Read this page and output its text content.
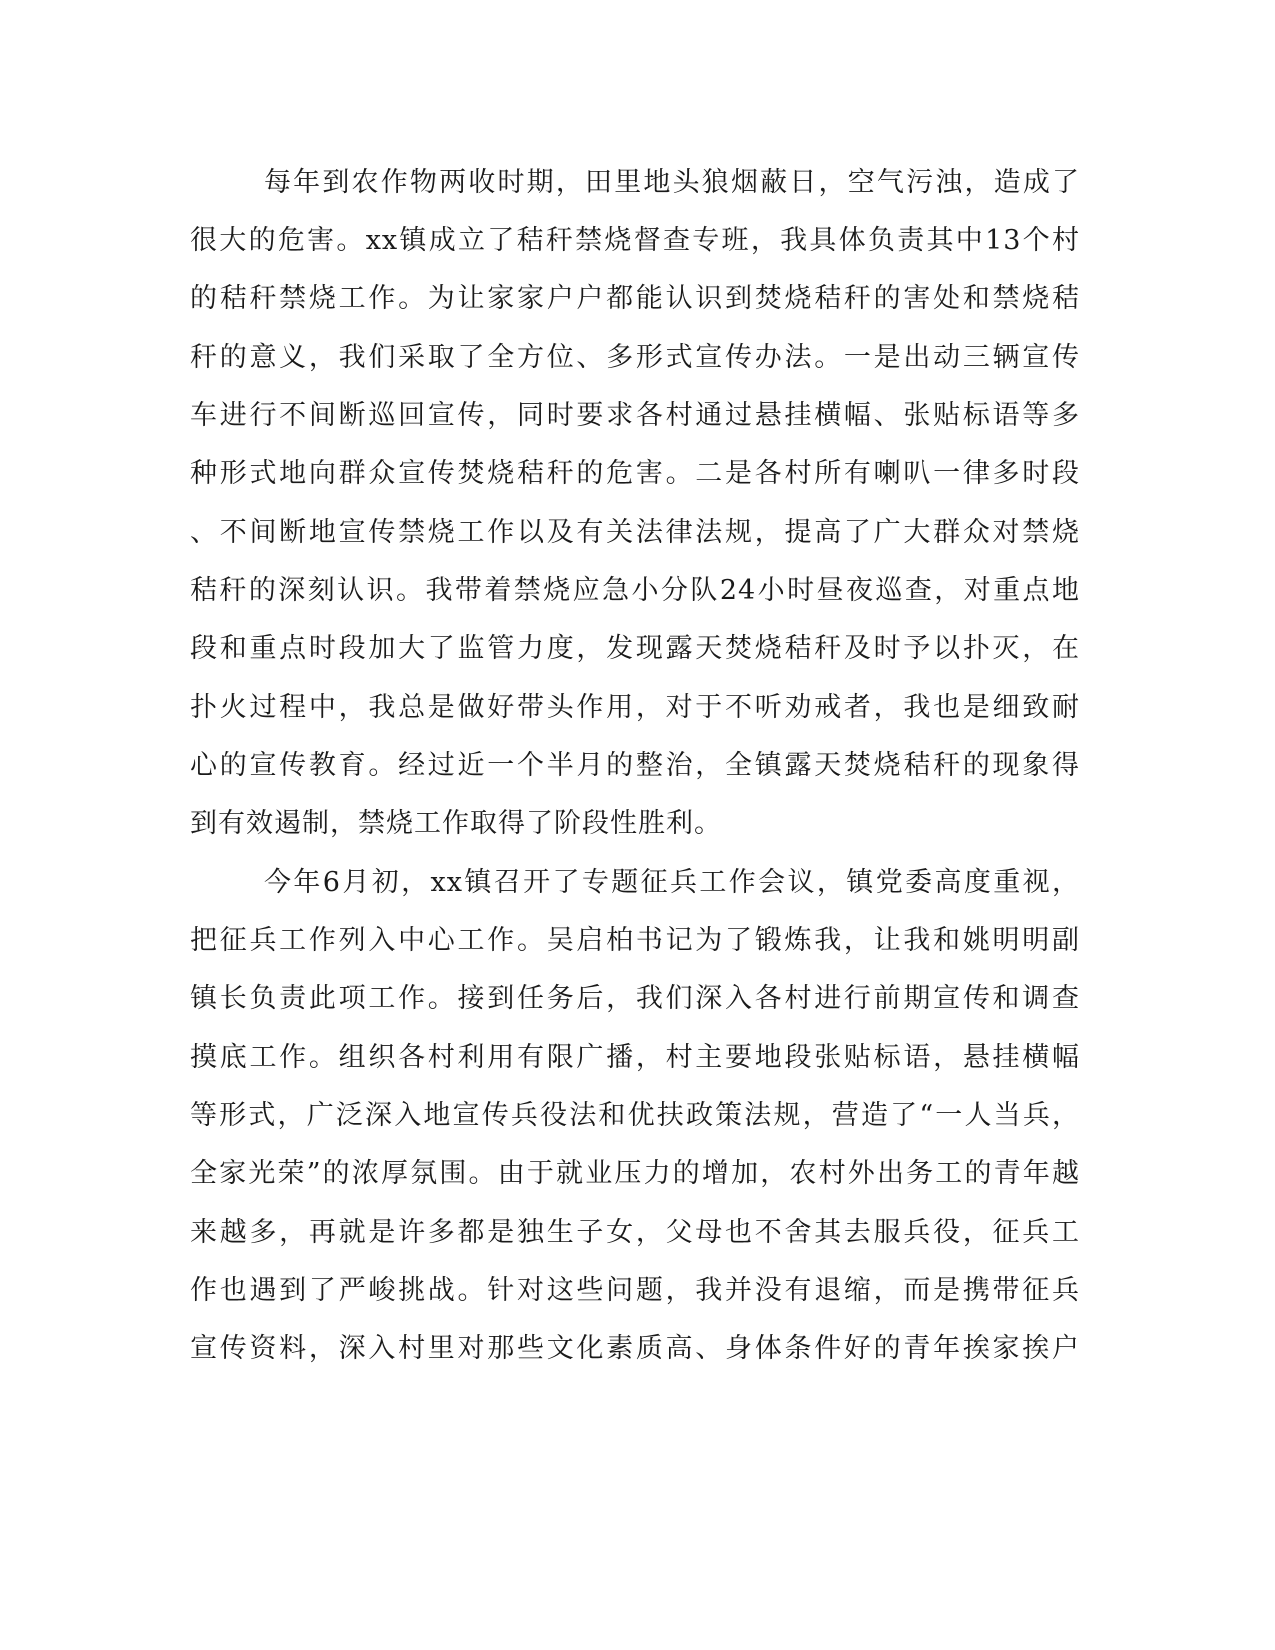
每年到农作物两收时期，田里地头狼烟蔽日，空气污浊，造成了
很大的危害。xx镇成立了秸秆禁烧督查专班，我具体负责其中13个村
的秸秆禁烧工作。为让家家户户都能认识到焚烧秸秆的害处和禁烧秸
秆的意义，我们采取了全方位、多形式宣传办法。一是出动三辆宣传
车进行不间断巡回宣传，同时要求各村通过悬挂横幅、张贴标语等多
种形式地向群众宣传焚烧秸秆的危害。二是各村所有喇叭一律多时段
、不间断地宣传禁烧工作以及有关法律法规，提高了广大群众对禁烧
秸秆的深刻认识。我带着禁烧应急小分队24小时昼夜巡查，对重点地
段和重点时段加大了监管力度，发现露天焚烧秸秆及时予以扑灭，在
扑火过程中，我总是做好带头作用，对于不听劝戒者，我也是细致耐
心的宣传教育。经过近一个半月的整治，全镇露天焚烧秸秆的现象得
到有效遏制，禁烧工作取得了阶段性胜利。
今年6月初，xx镇召开了专题征兵工作会议，镇党委高度重视，
把征兵工作列入中心工作。吴启柏书记为了锻炼我，让我和姚明明副
镇长负责此项工作。接到任务后，我们深入各村进行前期宣传和调查
摸底工作。组织各村利用有限广播，村主要地段张贴标语，悬挂横幅
等形式，广泛深入地宣传兵役法和优扶政策法规，营造了“一人当兵，
全家光荣”的浓厚氛围。由于就业压力的增加，农村外出务工的青年越
来越多，再就是许多都是独生子女，父母也不舍其去服兵役，征兵工
作也遇到了严峻挑战。针对这些问题，我并没有退缩，而是携带征兵
宣传资料，深入村里对那些文化素质高、身体条件好的青年挨家挨户
